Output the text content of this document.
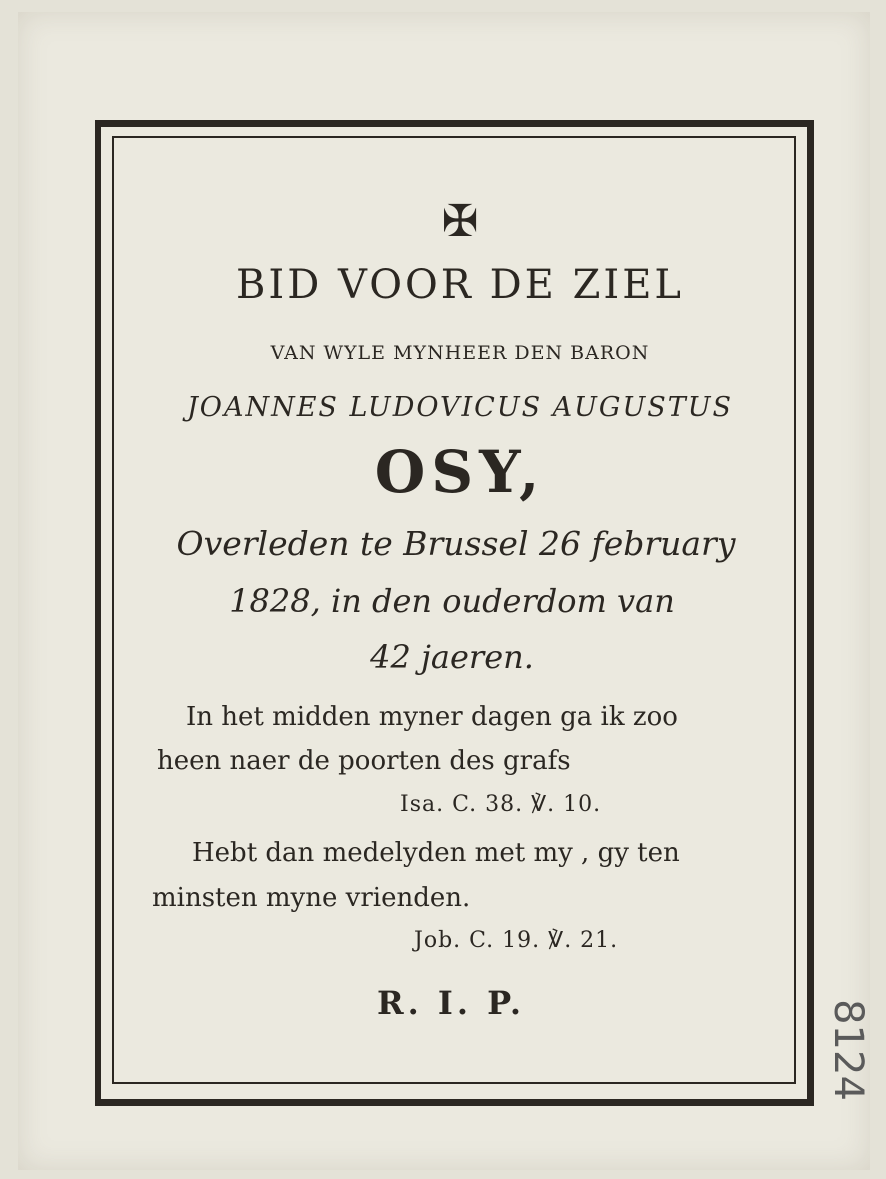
✠
BID VOOR DE ZIEL
VAN WYLE MYNHEER DEN BARON
JOANNES LUDOVICUS AUGUSTUS
OSY,
Overleden te Brussel 26 february
1828, in den ouderdom van
42 jaeren.
In het midden myner dagen ga ik zoo
heen naer de poorten des grafs
Isa. C. 38. ℣. 10.
Hebt dan medelyden met my , gy ten
minsten myne vrienden.
Job. C. 19. ℣. 21.
R. I. P.	8124
